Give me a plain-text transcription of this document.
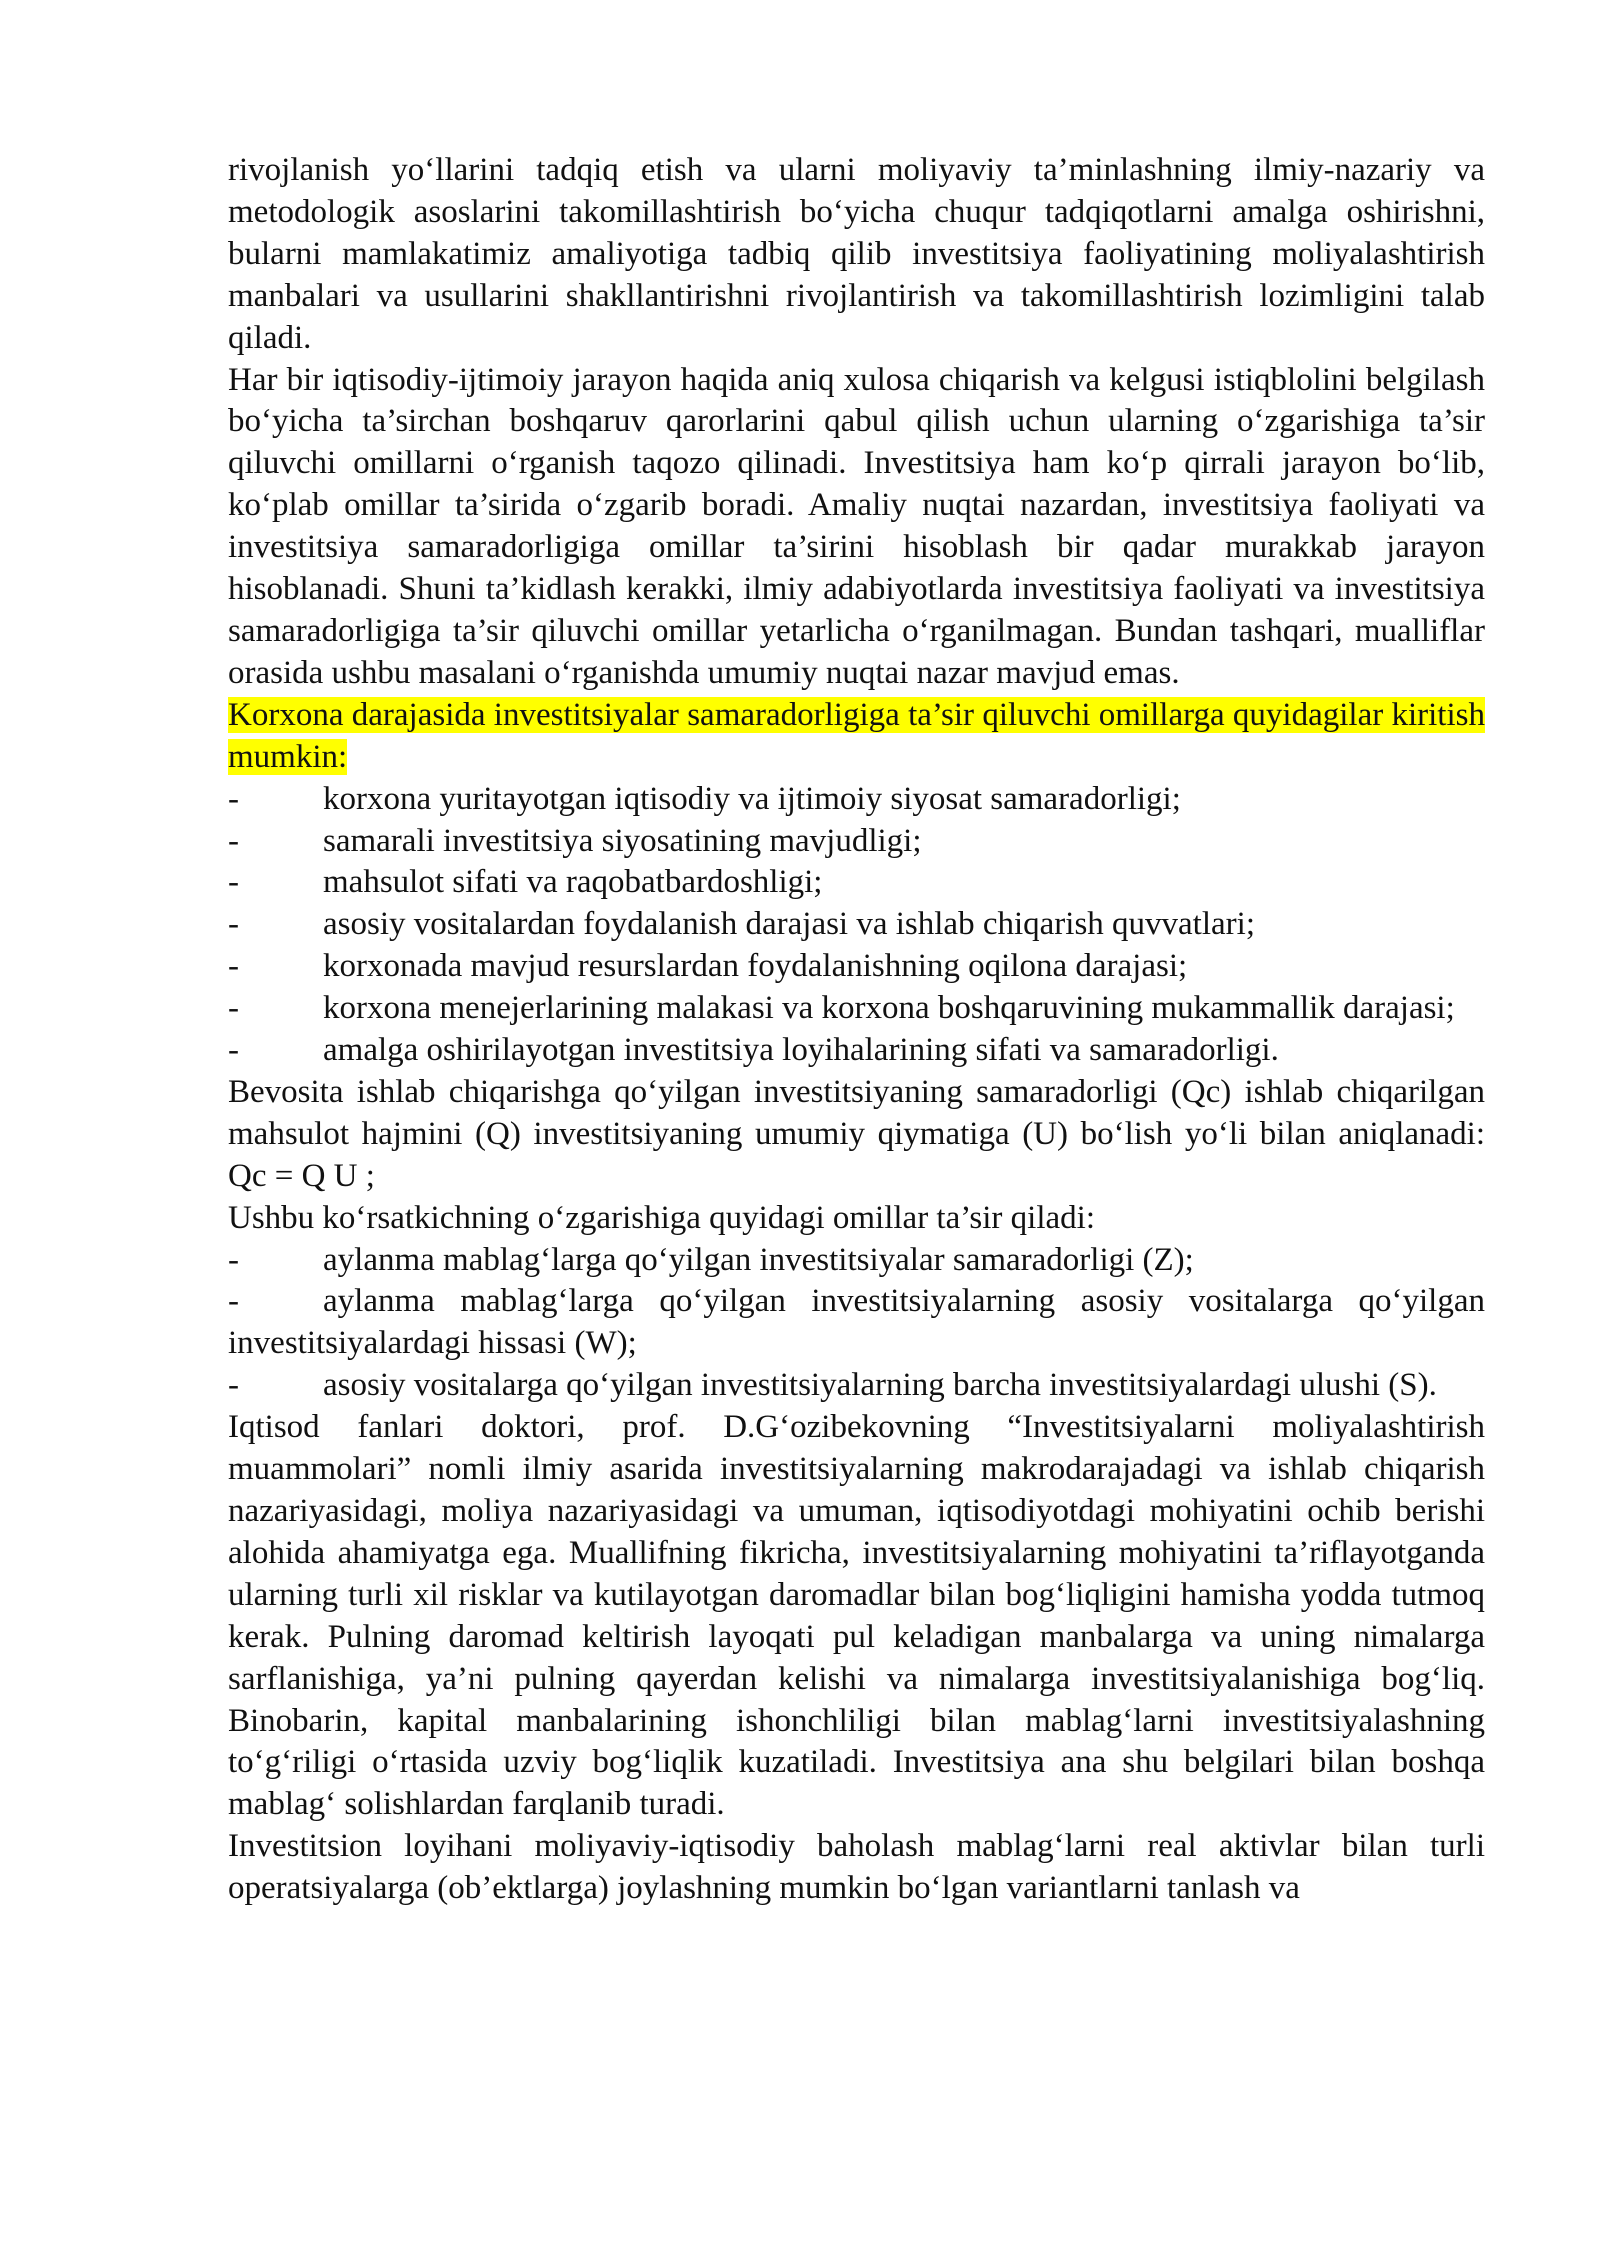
rivojlanish yo‘llarini tadqiq etish va ularni moliyaviy ta’minlashning ilmiy-nazariy va metodologik asoslarini takomillashtirish bo‘yicha chuqur tadqiqotlarni amalga oshirishni, bularni mamlakatimiz amaliyotiga tadbiq qilib investitsiya faoliyatining moliyalashtirish manbalari va usullarini shakllantirishni rivojlantirish va takomillashtirish lozimligini talab qiladi.

Har bir iqtisodiy-ijtimoiy jarayon haqida aniq xulosa chiqarish va kelgusi istiqblolini belgilash bo‘yicha ta’sirchan boshqaruv qarorlarini qabul qilish uchun ularning o‘zgarishiga ta’sir qiluvchi omillarni o‘rganish taqozo qilinadi. Investitsiya ham ko‘p qirrali jarayon bo‘lib, ko‘plab omillar ta’sirida o‘zgarib boradi. Amaliy nuqtai nazardan, investitsiya faoliyati va investitsiya samaradorligiga omillar ta’sirini hisoblash bir qadar murakkab jarayon hisoblanadi. Shuni ta’kidlash kerakki, ilmiy adabiyotlarda investitsiya faoliyati va investitsiya samaradorligiga ta’sir qiluvchi omillar yetarlicha o‘rganilmagan. Bundan tashqari, mualliflar orasida ushbu masalani o‘rganishda umumiy nuqtai nazar mavjud emas.

Korxona darajasida investitsiyalar samaradorligiga ta’sir qiluvchi omillarga quyidagilar kiritish mumkin:

-	korxona yuritayotgan iqtisodiy va ijtimoiy siyosat samaradorligi;

-	samarali investitsiya siyosatining mavjudligi;

-	mahsulot sifati va raqobatbardoshligi;

-	asosiy vositalardan foydalanish darajasi va ishlab chiqarish quvvatlari;

-	korxonada mavjud resurslardan foydalanishning oqilona darajasi;

-	korxona menejerlarining malakasi va korxona boshqaruvining mukammallik darajasi;

-	amalga oshirilayotgan investitsiya loyihalarining sifati va samaradorligi.

Bevosita ishlab chiqarishga qo‘yilgan investitsiyaning samaradorligi (Qc) ishlab chiqarilgan mahsulot hajmini (Q) investitsiyaning umumiy qiymatiga (U) bo‘lish yo‘li bilan aniqlanadi: Qc = Q U ;

Ushbu ko‘rsatkichning o‘zgarishiga quyidagi omillar ta’sir qiladi:

-	aylanma mablag‘larga qo‘yilgan investitsiyalar samaradorligi (Z);

-	aylanma mablag‘larga qo‘yilgan investitsiyalarning asosiy vositalarga qo‘yilgan investitsiyalardagi hissasi (W);

-	asosiy vositalarga qo‘yilgan investitsiyalarning barcha investitsiyalardagi ulushi (S).

Iqtisod fanlari doktori, prof. D.G‘ozibekovning “Investitsiyalarni moliyalashtirish muammolari” nomli ilmiy asarida investitsiyalarning makrodarajadagi va ishlab chiqarish nazariyasidagi, moliya nazariyasidagi va umuman, iqtisodiyotdagi mohiyatini ochib berishi alohida ahamiyatga ega. Muallifning fikricha, investitsiyalarning mohiyatini ta’riflayotganda ularning turli xil risklar va kutilayotgan daromadlar bilan bog‘liqligini hamisha yodda tutmoq kerak. Pulning daromad keltirish layoqati pul keladigan manbalarga va uning nimalarga sarflanishiga, ya’ni pulning qayerdan kelishi va nimalarga investitsiyalanishiga bog‘liq. Binobarin, kapital manbalarining ishonchliligi bilan mablag‘larni investitsiyalashning to‘g‘riligi o‘rtasida uzviy bog‘liqlik kuzatiladi. Investitsiya ana shu belgilari bilan boshqa mablag‘ solishlardan farqlanib turadi.

Investitsion loyihani moliyaviy-iqtisodiy baholash mablag‘larni real aktivlar bilan turli operatsiyalarga (ob’ektlarga) joylashning mumkin bo‘lgan variantlarni tanlash va
